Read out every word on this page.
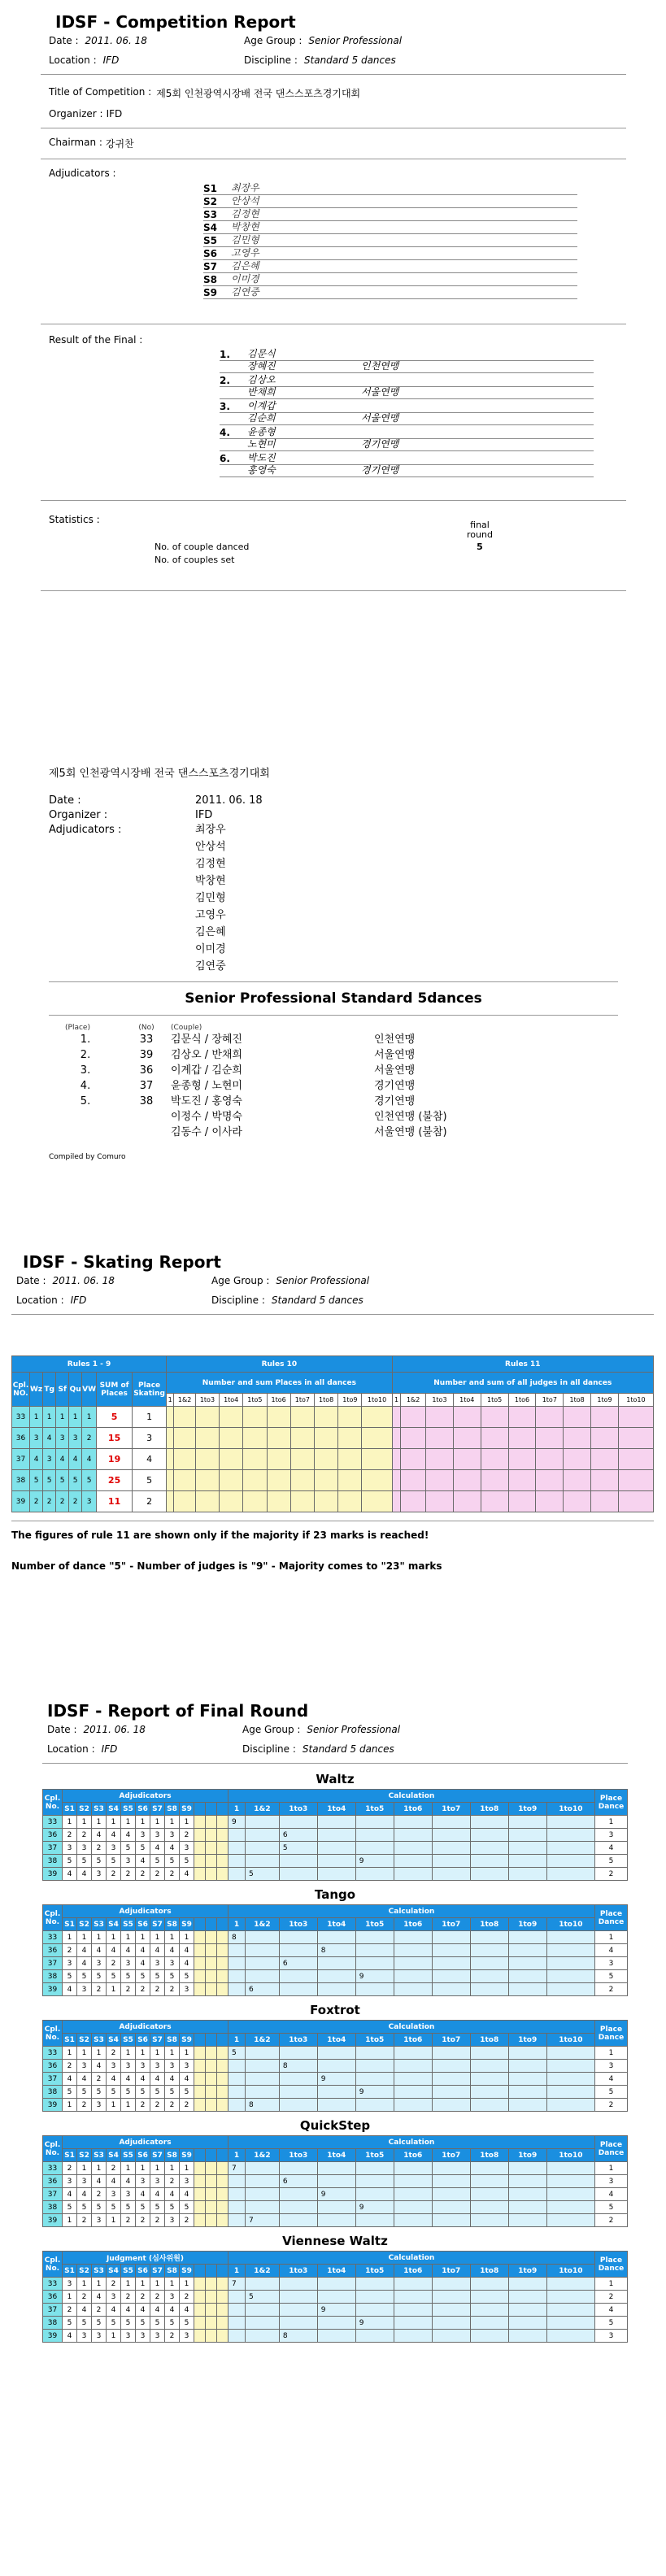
IDSF - Competition Report
Date : 2011. 06. 18	Age Group : Senior Professional
Location : IFD	Discipline : Standard 5 dances
Title of Competition : 제5회 인천광역시장배 전국 댄스스포츠경기대회
Organizer : IFD
Chairman : 강귀찬
Adjudicators :
S1	최장우
S2	안상석
S3	김정현
S4	박창현
S5	김민형
S6	고영우
S7	김은혜
S8	이미경
S9	김연중
Result of the Final :
1.	김문식
장혜진	인천연맹
2.	김상오
반채희	서울연맹
3.	이계갑
김순희	서울연맹
4.	윤종형
노현미	경기연맹
6.	박도진
홍영숙	경기연맹
Statistics :	final
round
5
No. of couple danced
No. of couples set
제5회 인천광역시장배 전국 댄스스포츠경기대회
Date :	2011. 06. 18
Organizer :	IFD
Adjudicators :	최장우
안상석
김정현
박창현
김민형
고영우
김은혜
이미경
김연중
Senior Professional Standard 5dances
(Place)	(No)	(Couple)
1.	33	김문식 / 장혜진	인천연맹
2.	39	김상오 / 반채희	서울연맹
3.	36	이계갑 / 김순희	서울연맹
4.	37	윤종형 / 노현미	경기연맹
5.	38	박도진 / 홍영숙	경기연맹
이정수 / 박명숙	인천연맹 (불참)
김동수 / 이사라	서울연맹 (불참)
Compiled by Comuro
IDSF - Skating Report
Date : 2011. 06. 18	Age Group : Senior Professional
Location : IFD	Discipline : Standard 5 dances
Rules 1 - 9								Rules 10										Rules 11									
Cpl. NO.	Wz	Tg	Sf	Qu	VW	SUM of Places	Place Skating	Number and sum Places in all dances										Number and sum of all judges in all dances									
								1	1&2	1to3	1to4	1to5	1to6	1to7	1to8	1to9	1to10	1	1&2	1to3	1to4	1to5	1to6	1to7	1to8	1to9	1to10
33	1	1	1	1	1	5	1																				
36	3	4	3	3	2	15	3																				
37	4	3	4	4	4	19	4																				
38	5	5	5	5	5	25	5																				
39	2	2	2	2	3	11	2																				
The figures of rule 11 are shown only if the majority if 23 marks is reached!
Number of dance "5" - Number of judges is "9" - Majority comes to "23" marks
IDSF - Report of Final Round
Date : 2011. 06. 18	Age Group : Senior Professional
Location : IFD	Discipline : Standard 5 dances
Waltz
Cpl. No.	Adjudicators												Calculation										Place Dance
	S1	S2	S3	S4	S5	S6	S7	S8	S9				1	1&2	1to3	1to4	1to5	1to6	1to7	1to8	1to9	1to10	
33	1	1	1	1	1	1	1	1	1				9										1
36	2	2	4	4	4	3	3	3	2						6								3
37	3	3	2	3	5	5	4	4	3						5								4
38	5	5	5	5	3	4	5	5	5								9						5
39	4	4	3	2	2	2	2	2	4					5									2
Tango
Cpl. No.	Adjudicators												Calculation										Place Dance
	S1	S2	S3	S4	S5	S6	S7	S8	S9				1	1&2	1to3	1to4	1to5	1to6	1to7	1to8	1to9	1to10	
33	1	1	1	1	1	1	1	1	1				8										1
36	2	4	4	4	4	4	4	4	4							8							4
37	3	4	3	2	3	4	3	3	4						6								3
38	5	5	5	5	5	5	5	5	5								9						5
39	4	3	2	1	2	2	2	2	3					6									2
Foxtrot
Cpl. No.	Adjudicators												Calculation										Place Dance
	S1	S2	S3	S4	S5	S6	S7	S8	S9				1	1&2	1to3	1to4	1to5	1to6	1to7	1to8	1to9	1to10	
33	1	1	1	2	1	1	1	1	1				5										1
36	2	3	4	3	3	3	3	3	3						8								3
37	4	4	2	4	4	4	4	4	4							9							4
38	5	5	5	5	5	5	5	5	5								9						5
39	1	2	3	1	1	2	2	2	2					8									2
QuickStep
Cpl. No.	Adjudicators												Calculation										Place Dance
	S1	S2	S3	S4	S5	S6	S7	S8	S9				1	1&2	1to3	1to4	1to5	1to6	1to7	1to8	1to9	1to10	
33	2	1	1	2	1	1	1	1	1				7										1
36	3	3	4	4	4	3	3	2	3						6								3
37	4	4	2	3	3	4	4	4	4							9							4
38	5	5	5	5	5	5	5	5	5								9						5
39	1	2	3	1	2	2	2	3	2					7									2
Viennese Waltz
Cpl. No.	Judgment (심사위원)												Calculation										Place Dance
	S1	S2	S3	S4	S5	S6	S7	S8	S9				1	1&2	1to3	1to4	1to5	1to6	1to7	1to8	1to9	1to10	
33	3	1	1	2	1	1	1	1	1				7										1
36	1	2	4	3	2	2	2	3	2					5									2
37	2	4	2	4	4	4	4	4	4							9							4
38	5	5	5	5	5	5	5	5	5								9						5
39	4	3	3	1	3	3	3	2	3						8								3
